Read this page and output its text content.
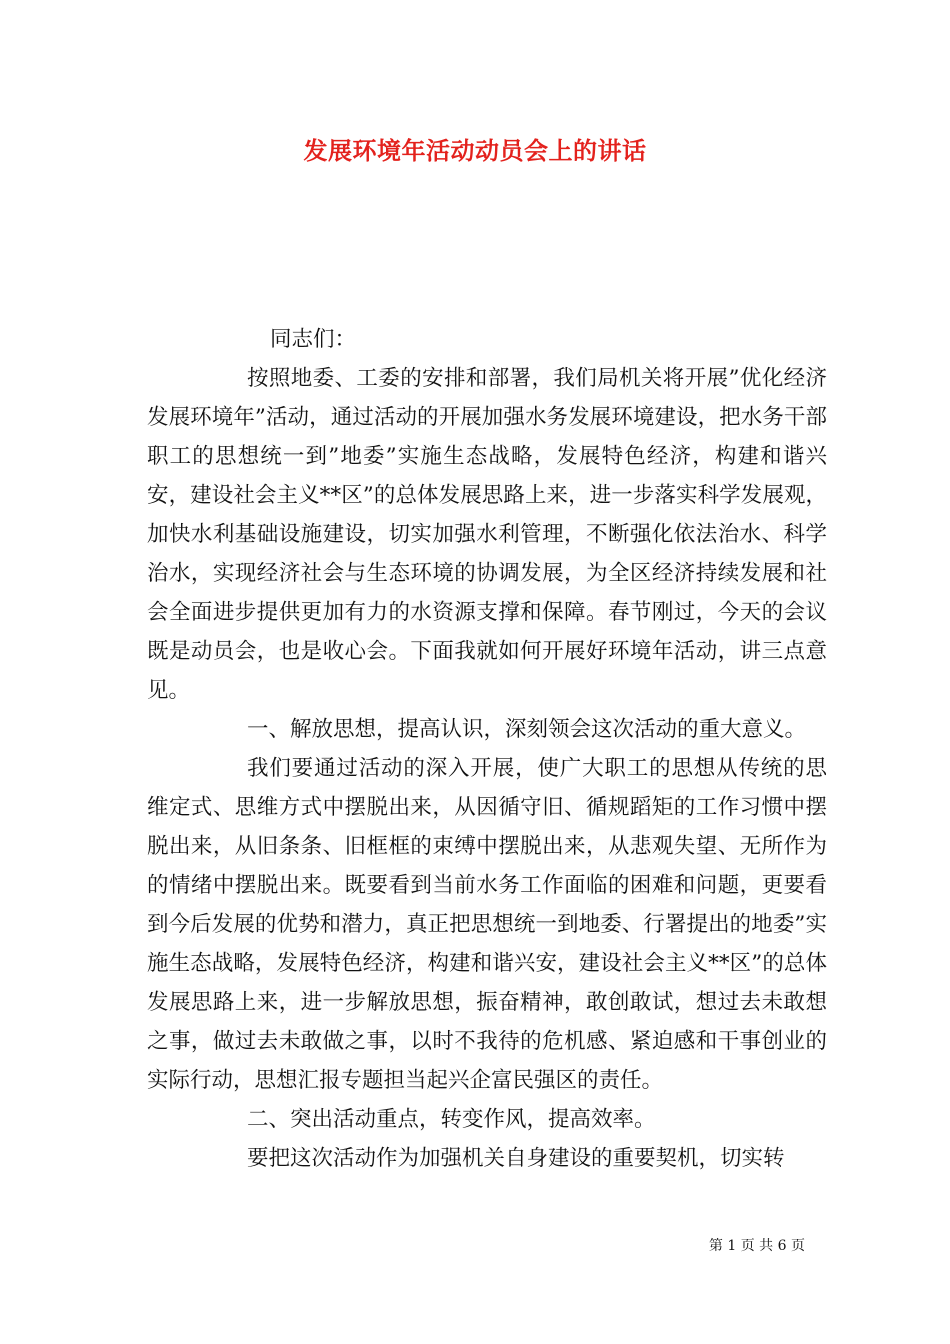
发展环境年活动动员会上的讲话

同志们：

按照地委、工委的安排和部署，我们局机关将开展”优化经济发展环境年”活动，通过活动的开展加强水务发展环境建设，把水务干部职工的思想统一到”地委”实施生态战略，发展特色经济，构建和谐兴安，建设社会主义**区”的总体发展思路上来，进一步落实科学发展观，加快水利基础设施建设，切实加强水利管理，不断强化依法治水、科学治水，实现经济社会与生态环境的协调发展，为全区经济持续发展和社会全面进步提供更加有力的水资源支撑和保障。春节刚过，今天的会议既是动员会，也是收心会。下面我就如何开展好环境年活动，讲三点意见。

一、解放思想，提高认识，深刻领会这次活动的重大意义。

我们要通过活动的深入开展，使广大职工的思想从传统的思维定式、思维方式中摆脱出来，从因循守旧、循规蹈矩的工作习惯中摆脱出来，从旧条条、旧框框的束缚中摆脱出来，从悲观失望、无所作为的情绪中摆脱出来。既要看到当前水务工作面临的困难和问题，更要看到今后发展的优势和潜力，真正把思想统一到地委、行署提出的地委”实施生态战略，发展特色经济，构建和谐兴安，建设社会主义**区”的总体发展思路上来，进一步解放思想，振奋精神，敢创敢试，想过去未敢想之事，做过去未敢做之事，以时不我待的危机感、紧迫感和干事创业的实际行动，思想汇报专题担当起兴企富民强区的责任。

二、突出活动重点，转变作风，提高效率。

要把这次活动作为加强机关自身建设的重要契机，切实转

第 1 页 共 6 页
